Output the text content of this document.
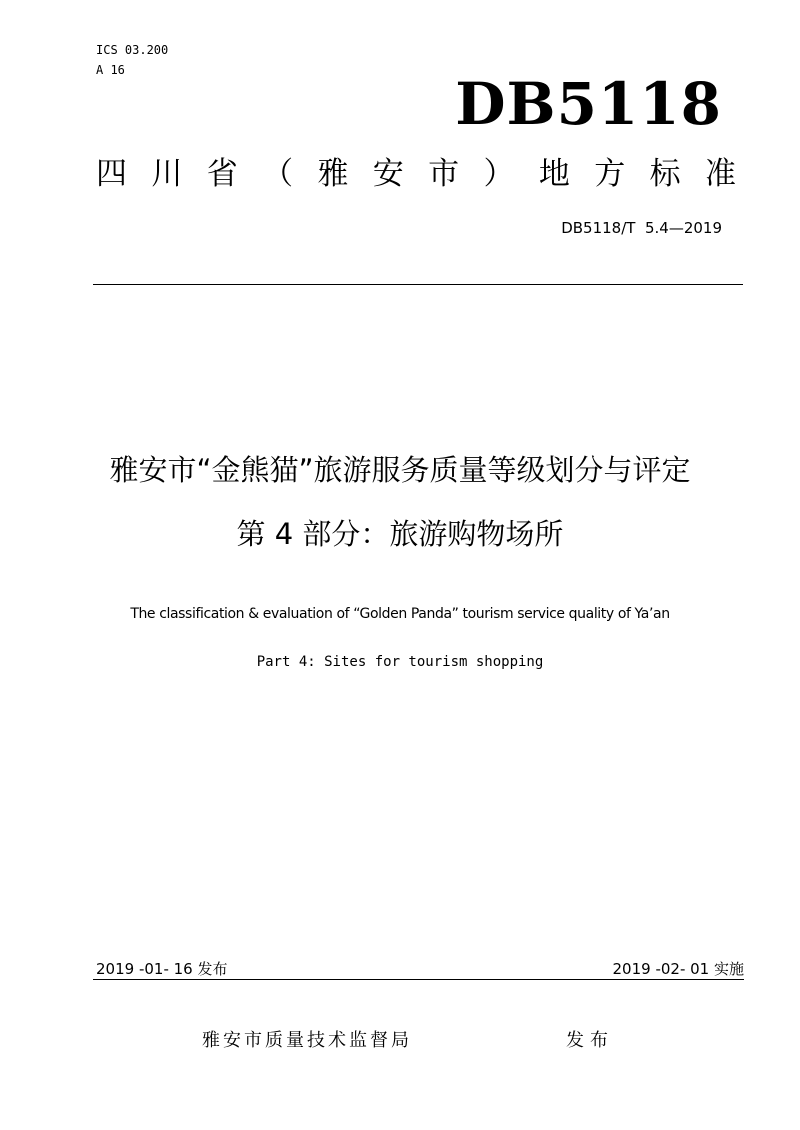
ICS 03.200
A 16	DB5118
四 川 省 （ 雅 安 市 ） 地 方 标 准
DB5118/T  5.4—2019
雅安市“金熊猫”旅游服务质量等级划分与评定
第 4 部分：旅游购物场所
The classification & evaluation of “Golden Panda” tourism service quality of Ya’an
Part 4: Sites for tourism shopping
2019 -01- 16 发布	2019 -02- 01 实施
雅安市质量技术监督局	发布
